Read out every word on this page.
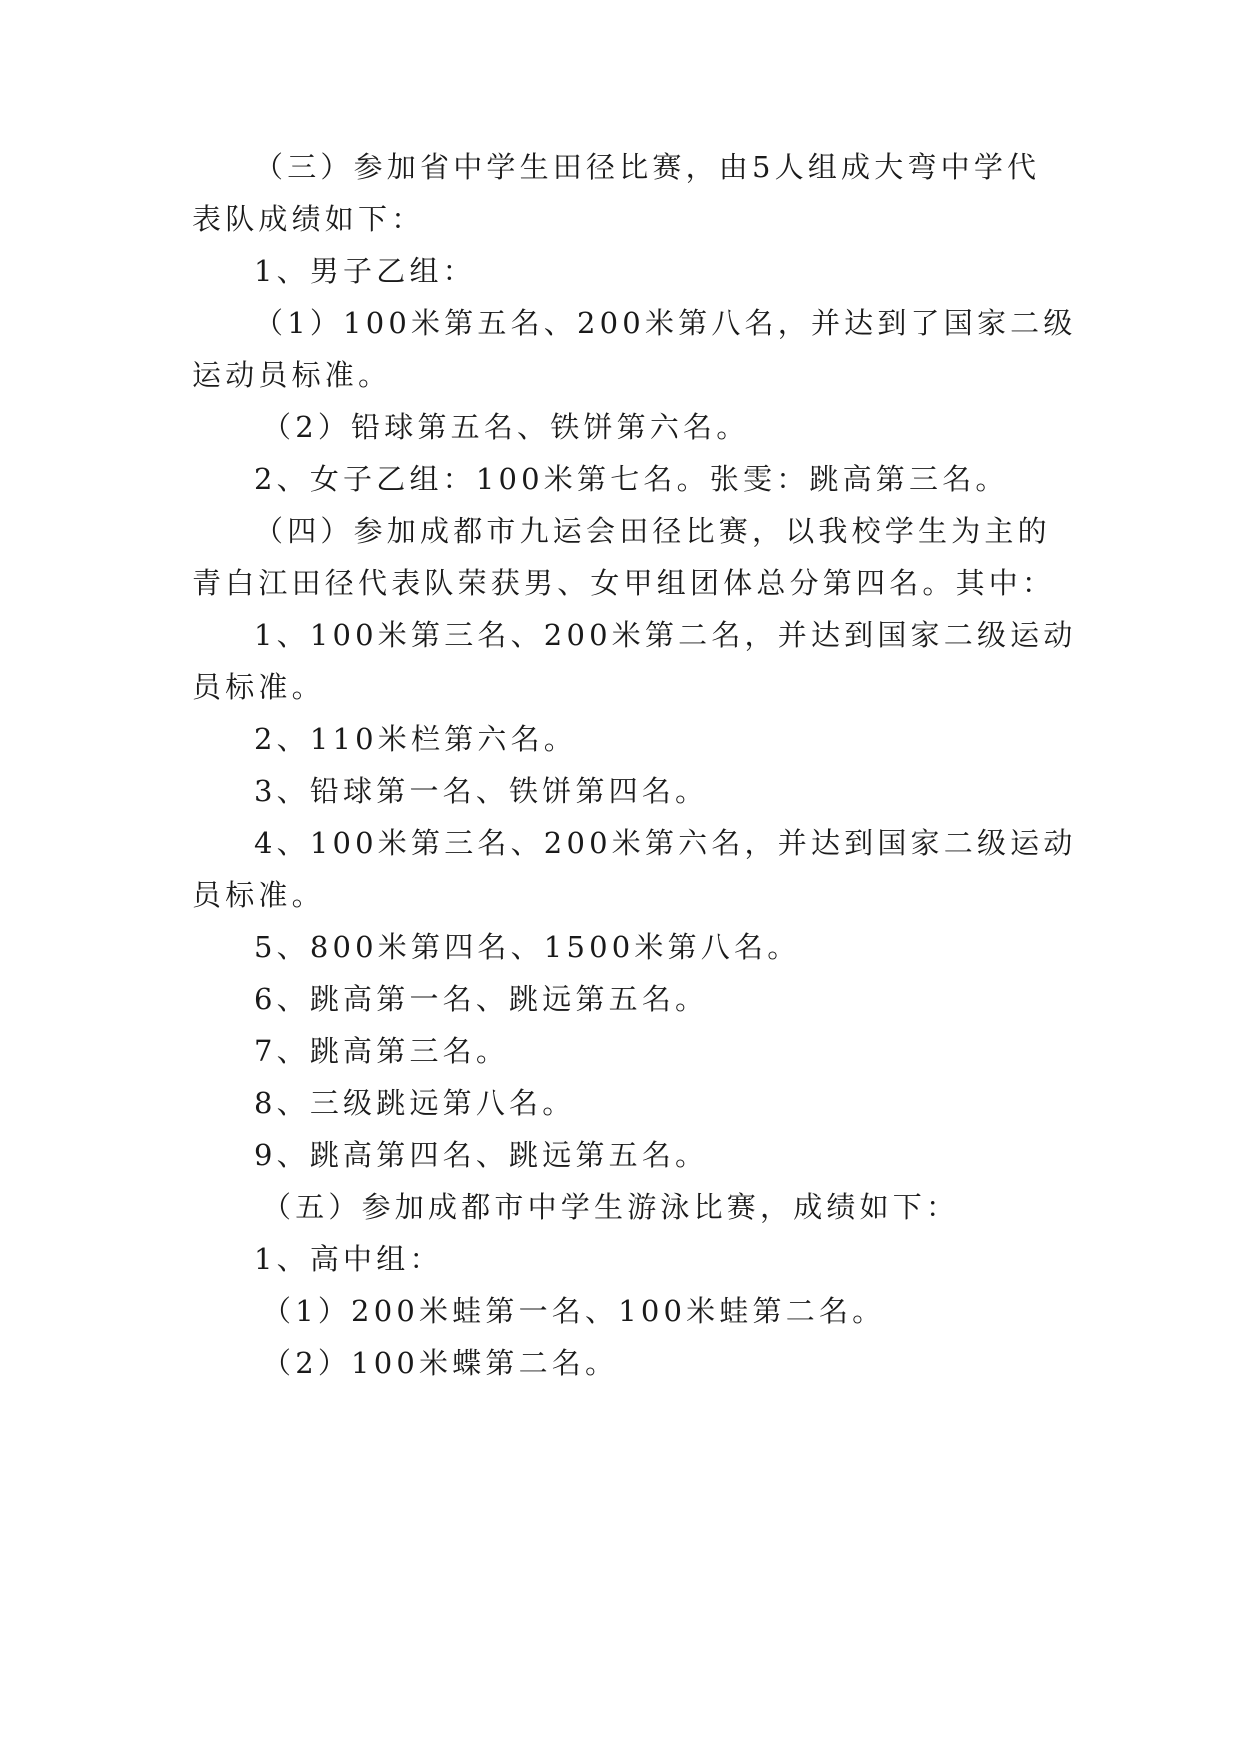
（三）参加省中学生田径比赛，由5人组成大弯中学代
表队成绩如下：
1、男子乙组：
（1）100米第五名、200米第八名，并达到了国家二级
运动员标准。
（2）铅球第五名、铁饼第六名。
2、女子乙组：100米第七名。张雯：跳高第三名。
（四）参加成都市九运会田径比赛，以我校学生为主的
青白江田径代表队荣获男、女甲组团体总分第四名。其中：
1、100米第三名、200米第二名，并达到国家二级运动
员标准。
2、110米栏第六名。
3、铅球第一名、铁饼第四名。
4、100米第三名、200米第六名，并达到国家二级运动
员标准。
5、800米第四名、1500米第八名。
6、跳高第一名、跳远第五名。
7、跳高第三名。
8、三级跳远第八名。
9、跳高第四名、跳远第五名。
（五）参加成都市中学生游泳比赛，成绩如下：
1、高中组：
（1）200米蛙第一名、100米蛙第二名。
（2）100米蝶第二名。
